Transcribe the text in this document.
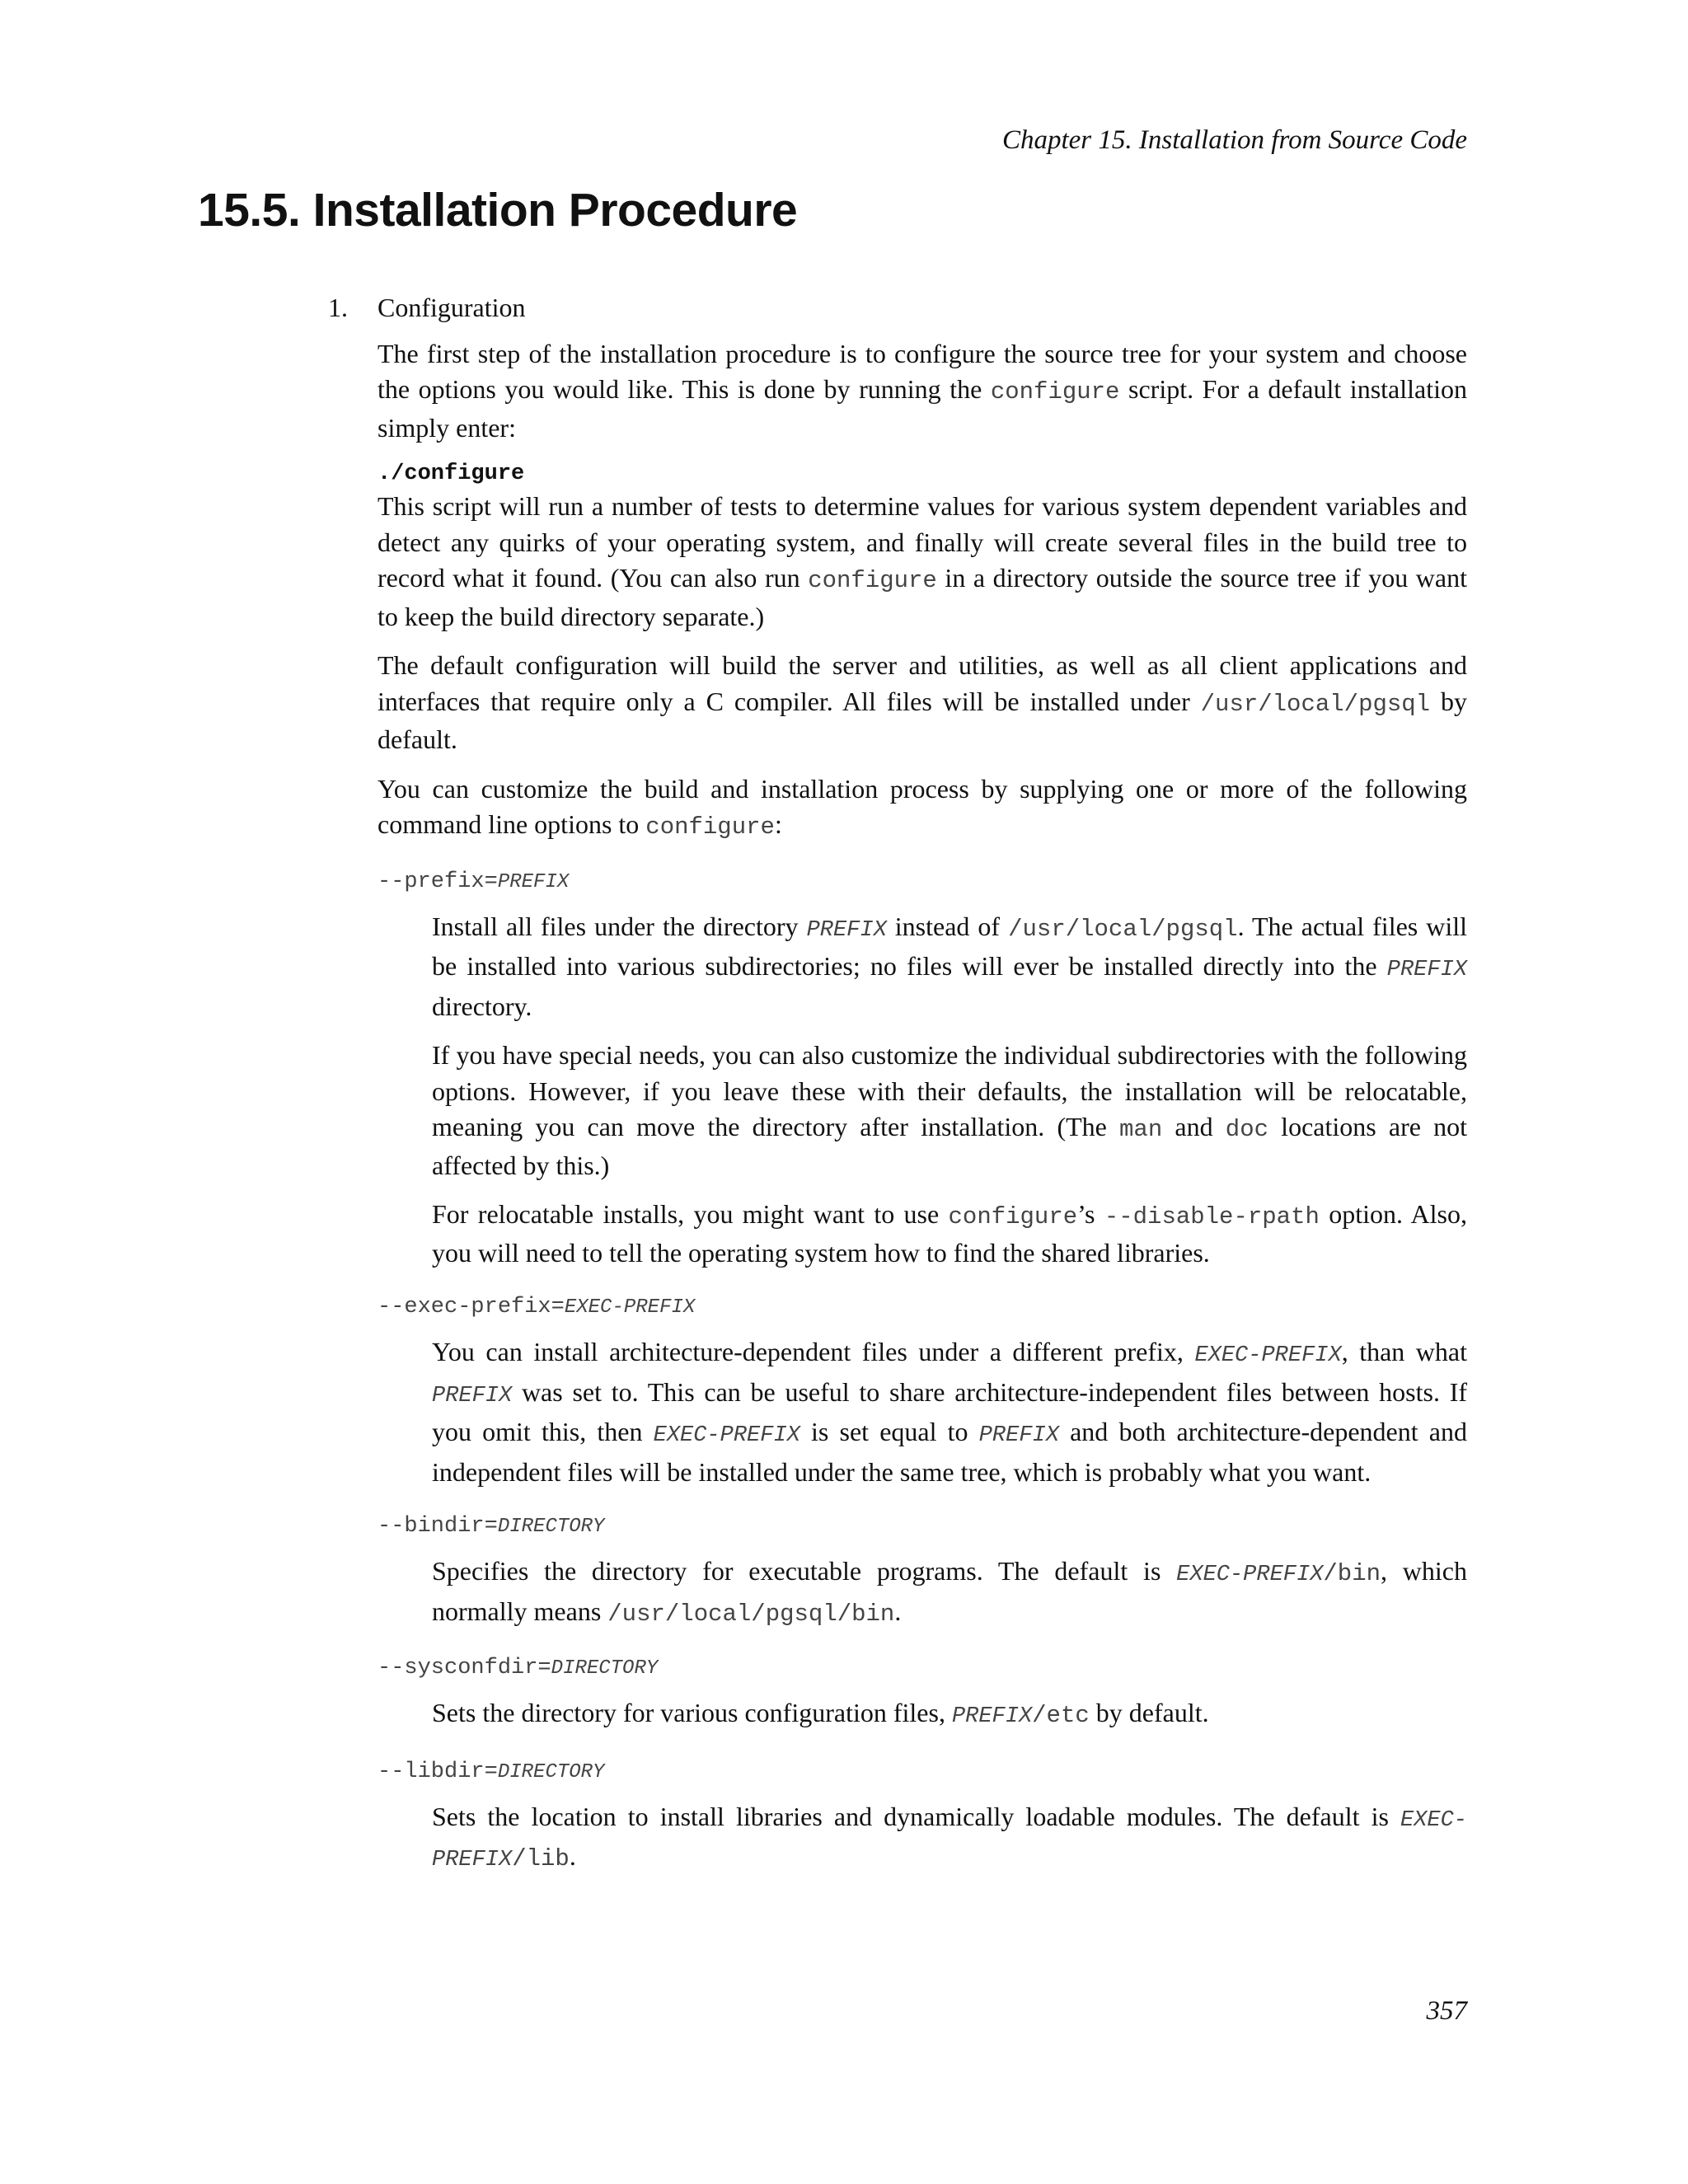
Chapter 15. Installation from Source Code
15.5. Installation Procedure
1. Configuration

The first step of the installation procedure is to configure the source tree for your system and choose the options you would like. This is done by running the configure script. For a default installation simply enter:

./configure

This script will run a number of tests to determine values for various system dependent variables and detect any quirks of your operating system, and finally will create several files in the build tree to record what it found. (You can also run configure in a directory outside the source tree if you want to keep the build directory separate.)

The default configuration will build the server and utilities, as well as all client applications and interfaces that require only a C compiler. All files will be installed under /usr/local/pgsql by default.

You can customize the build and installation process by supplying one or more of the following command line options to configure:

--prefix=PREFIX

Install all files under the directory PREFIX instead of /usr/local/pgsql. The actual files will be installed into various subdirectories; no files will ever be installed directly into the PREFIX directory.

If you have special needs, you can also customize the individual subdirectories with the following options. However, if you leave these with their defaults, the installation will be relocatable, meaning you can move the directory after installation. (The man and doc locations are not affected by this.)

For relocatable installs, you might want to use configure’s --disable-rpath option. Also, you will need to tell the operating system how to find the shared libraries.

--exec-prefix=EXEC-PREFIX

You can install architecture-dependent files under a different prefix, EXEC-PREFIX, than what PREFIX was set to. This can be useful to share architecture-independent files between hosts. If you omit this, then EXEC-PREFIX is set equal to PREFIX and both architecture-dependent and independent files will be installed under the same tree, which is probably what you want.

--bindir=DIRECTORY

Specifies the directory for executable programs. The default is EXEC-PREFIX/bin, which normally means /usr/local/pgsql/bin.

--sysconfdir=DIRECTORY

Sets the directory for various configuration files, PREFIX/etc by default.

--libdir=DIRECTORY

Sets the location to install libraries and dynamically loadable modules. The default is EXEC-PREFIX/lib.

357
